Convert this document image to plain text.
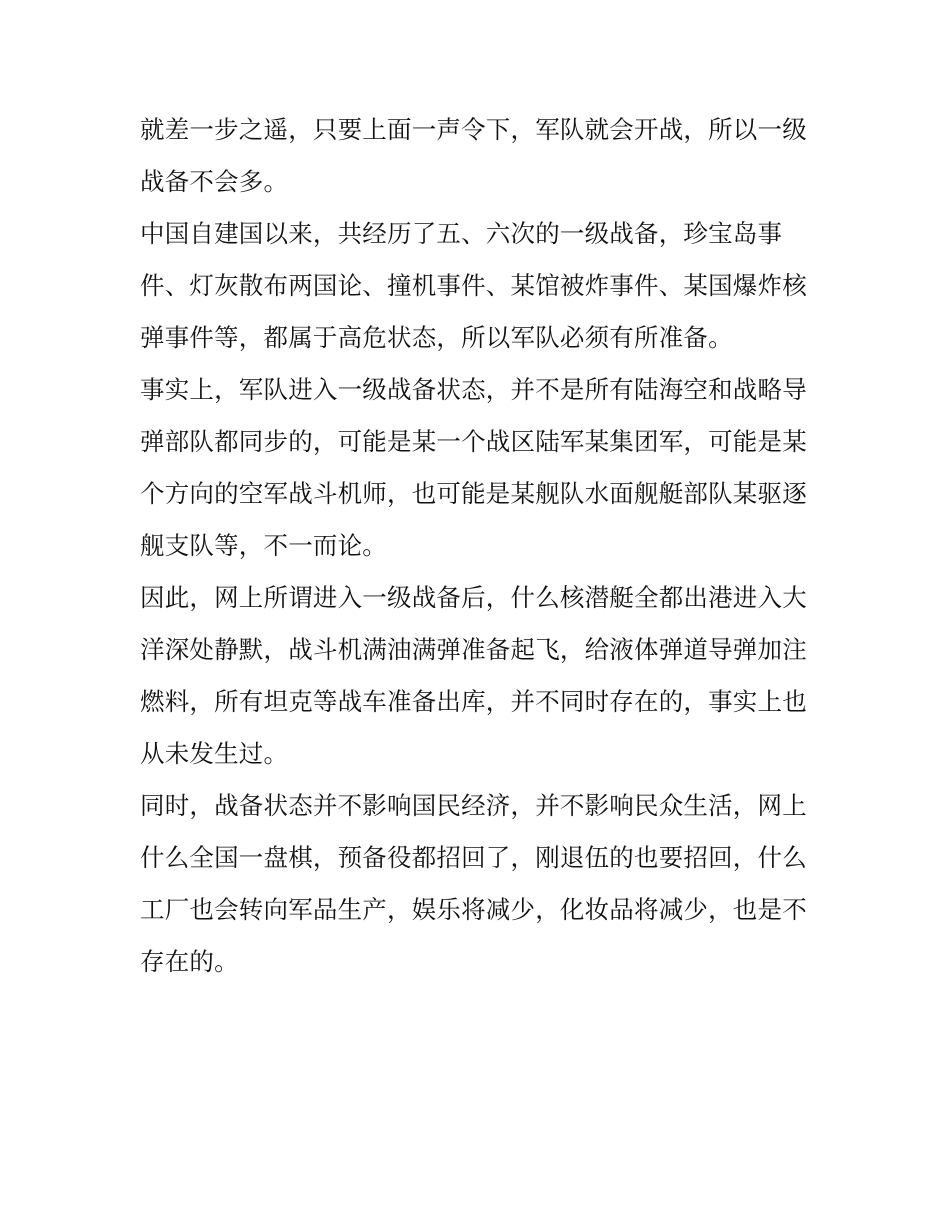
就差一步之遥，只要上面一声令下，军队就会开战，所以一级
战备不会多。
中国自建国以来，共经历了五、六次的一级战备，珍宝岛事
件、灯灰散布两国论、撞机事件、某馆被炸事件、某国爆炸核
弹事件等，都属于高危状态，所以军队必须有所准备。
事实上，军队进入一级战备状态，并不是所有陆海空和战略导
弹部队都同步的，可能是某一个战区陆军某集团军，可能是某
个方向的空军战斗机师，也可能是某舰队水面舰艇部队某驱逐
舰支队等，不一而论。
因此，网上所谓进入一级战备后，什么核潜艇全都出港进入大
洋深处静默，战斗机满油满弹准备起飞，给液体弹道导弹加注
燃料，所有坦克等战车准备出库，并不同时存在的，事实上也
从未发生过。
同时，战备状态并不影响国民经济，并不影响民众生活，网上
什么全国一盘棋，预备役都招回了，刚退伍的也要招回，什么
工厂也会转向军品生产，娱乐将减少，化妆品将减少，也是不
存在的。
